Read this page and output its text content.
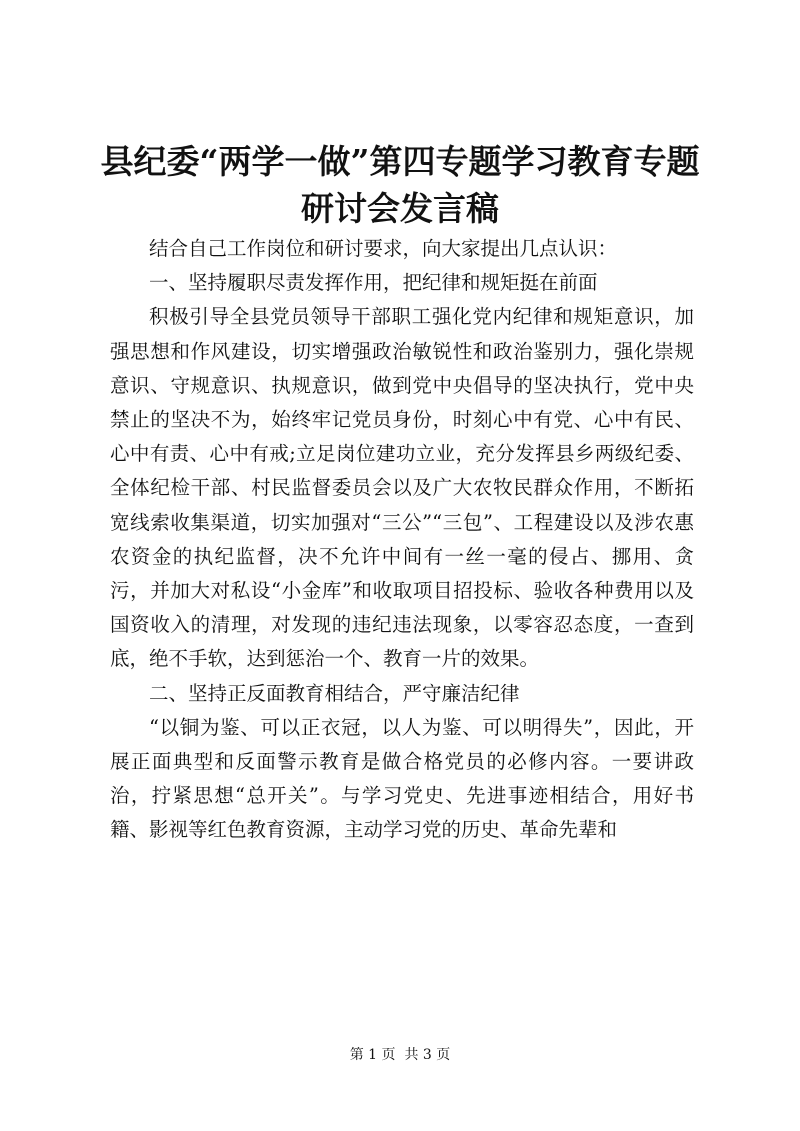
县纪委“两学一做”第四专题学习教育专题研讨会发言稿

结合自己工作岗位和研讨要求，向大家提出几点认识：

一、坚持履职尽责发挥作用，把纪律和规矩挺在前面

积极引导全县党员领导干部职工强化党内纪律和规矩意识，加强思想和作风建设，切实增强政治敏锐性和政治鉴别力，强化崇规意识、守规意识、执规意识，做到党中央倡导的坚决执行，党中央禁止的坚决不为，始终牢记党员身份，时刻心中有党、心中有民、心中有责、心中有戒;立足岗位建功立业，充分发挥县乡两级纪委、全体纪检干部、村民监督委员会以及广大农牧民群众作用，不断拓宽线索收集渠道，切实加强对“三公”“三包”、工程建设以及涉农惠农资金的执纪监督，决不允许中间有一丝一毫的侵占、挪用、贪污，并加大对私设“小金库”和收取项目招投标、验收各种费用以及国资收入的清理，对发现的违纪违法现象，以零容忍态度，一查到底，绝不手软，达到惩治一个、教育一片的效果。

二、坚持正反面教育相结合，严守廉洁纪律

“以铜为鉴、可以正衣冠，以人为鉴、可以明得失”，因此，开展正面典型和反面警示教育是做合格党员的必修内容。一要讲政治，拧紧思想“总开关”。与学习党史、先进事迹相结合，用好书籍、影视等红色教育资源，主动学习党的历史、革命先辈和

第 1 页  共 3 页
